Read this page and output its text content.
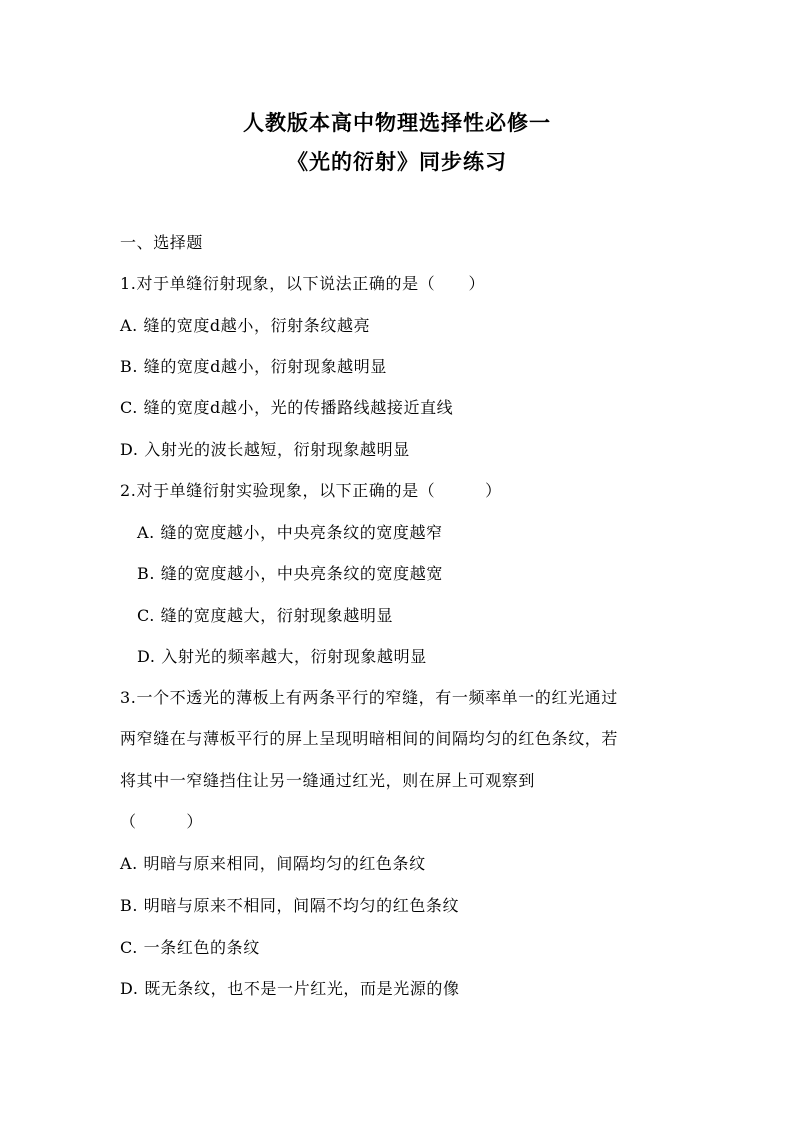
人教版本高中物理选择性必修一
《光的衍射》同步练习
一、选择题
1.对于单缝衍射现象，以下说法正确的是（　　）
A. 缝的宽度d越小，衍射条纹越亮
B. 缝的宽度d越小，衍射现象越明显
C. 缝的宽度d越小，光的传播路线越接近直线
D. 入射光的波长越短，衍射现象越明显
2.对于单缝衍射实验现象，以下正确的是（　　　）
A. 缝的宽度越小，中央亮条纹的宽度越窄
B. 缝的宽度越小，中央亮条纹的宽度越宽
C. 缝的宽度越大，衍射现象越明显
D. 入射光的频率越大，衍射现象越明显
3.一个不透光的薄板上有两条平行的窄缝，有一频率单一的红光通过
两窄缝在与薄板平行的屏上呈现明暗相间的间隔均匀的红色条纹，若
将其中一窄缝挡住让另一缝通过红光，则在屏上可观察到
（　　　）
A. 明暗与原来相同，间隔均匀的红色条纹
B. 明暗与原来不相同，间隔不均匀的红色条纹
C. 一条红色的条纹
D. 既无条纹，也不是一片红光，而是光源的像
